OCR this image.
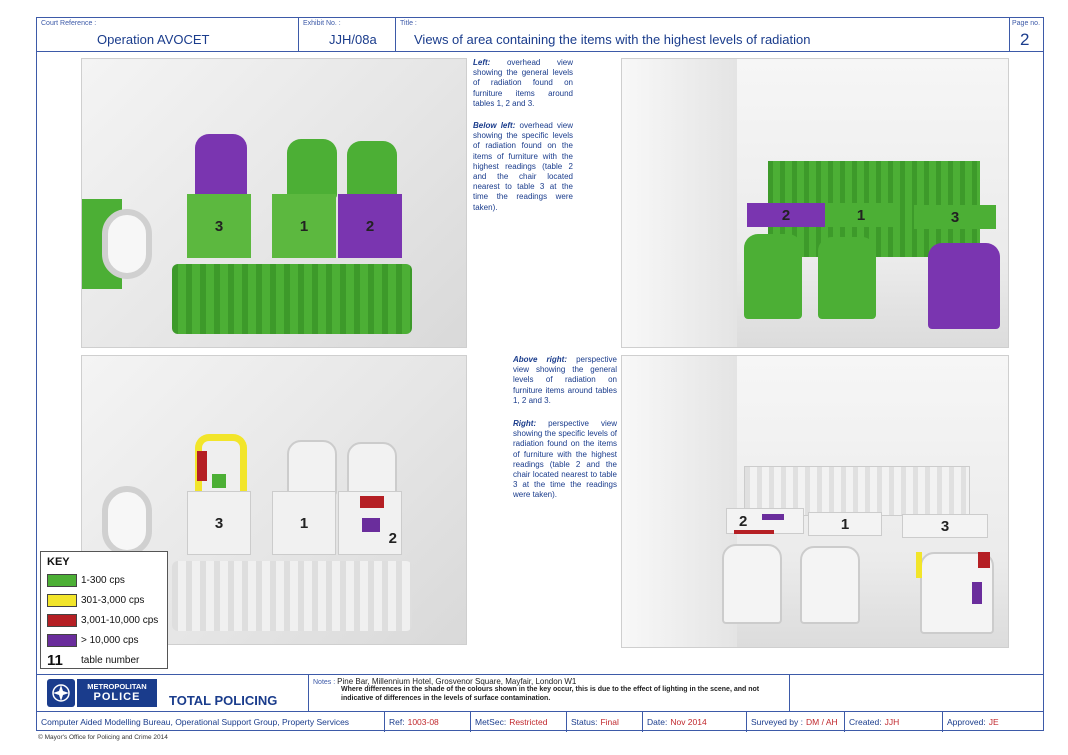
Court Reference :
Operation AVOCET
Exhibit No. :
JJH/08a
Title :
Views of area containing the items with the highest levels of radiation
Page no.
2
3	1	2
Left: overhead view showing the general levels of radiation found on furniture items around tables 1, 2 and 3.
Below left: overhead view showing the specific levels of radiation found on the items of furniture with the highest readings (table 2 and the chair located nearest to table 3 at the time the readings were taken).	2	1	3
3	1
2
Above right: perspective view showing the general levels of radiation on furniture items around tables 1, 2 and 3.
Right: perspective view showing the specific levels of radiation found on the items of furniture with the highest readings (table 2 and the chair located nearest to table 3 at the time the readings were taken).
2	1	3
METROPOLITAN
POLICE	TOTAL POLICING
Notes : Pine Bar, Millennium Hotel, Grosvenor Square, Mayfair, London W1
Where differences in the shade of the colours shown in the key occur, this is due to the effect of lighting in the scene, and not indicative of differences in the levels of surface contamination.
Computer Aided Modelling Bureau, Operational Support Group, Property Services	Ref: 1003-08	MetSec: Restricted	Status: Final	Date: Nov 2014	Surveyed by : DM / AH Created: JJH	Approved: JE
KEY
1-300 cps
301-3,000 cps
3,001-10,000 cps
> 10,000 cps
11	table number
© Mayor's Office for Policing and Crime 2014
